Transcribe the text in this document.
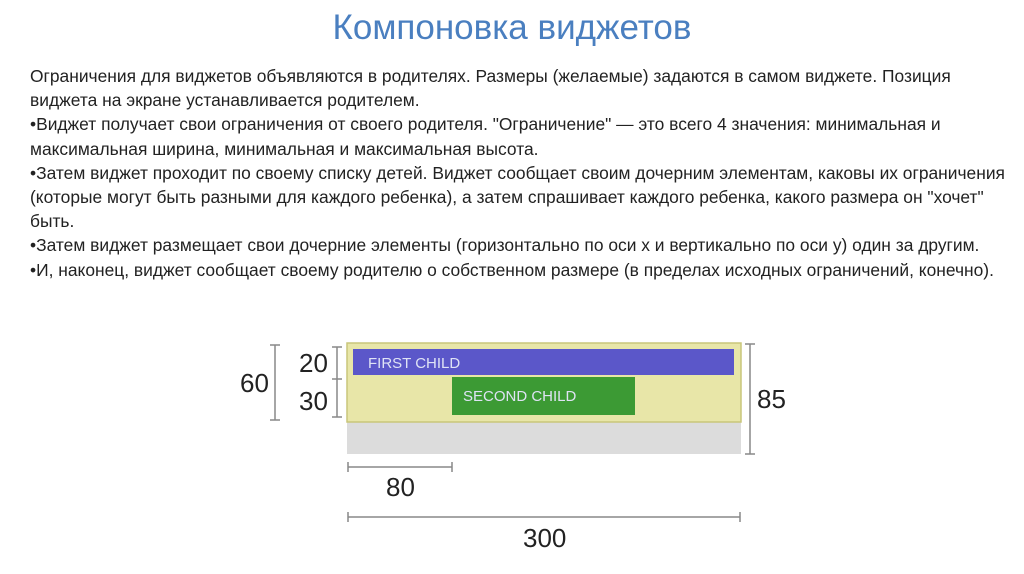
Компоновка виджетов

Ограничения для виджетов объявляются в родителях. Размеры (желаемые) задаются в самом виджете. Позиция виджета на экране устанавливается родителем.

•Виджет получает свои ограничения от своего родителя. "Ограничение" — это всего 4 значения: минимальная и максимальная ширина, минимальная и максимальная высота.

•Затем виджет проходит по своему списку детей. Виджет сообщает своим дочерним элементам, каковы их ограничения (которые могут быть разными для каждого ребенка), а затем спрашивает каждого ребенка, какого размера он "хочет" быть.

•Затем виджет размещает свои дочерние элементы (горизонтально по оси x и вертикально по оси y) один за другим.

•И, наконец, виджет сообщает своему родителю о собственном размере (в пределах исходных ограничений, конечно).

FIRST CHILD
SECOND CHILD
60
20
30	85
80
300
